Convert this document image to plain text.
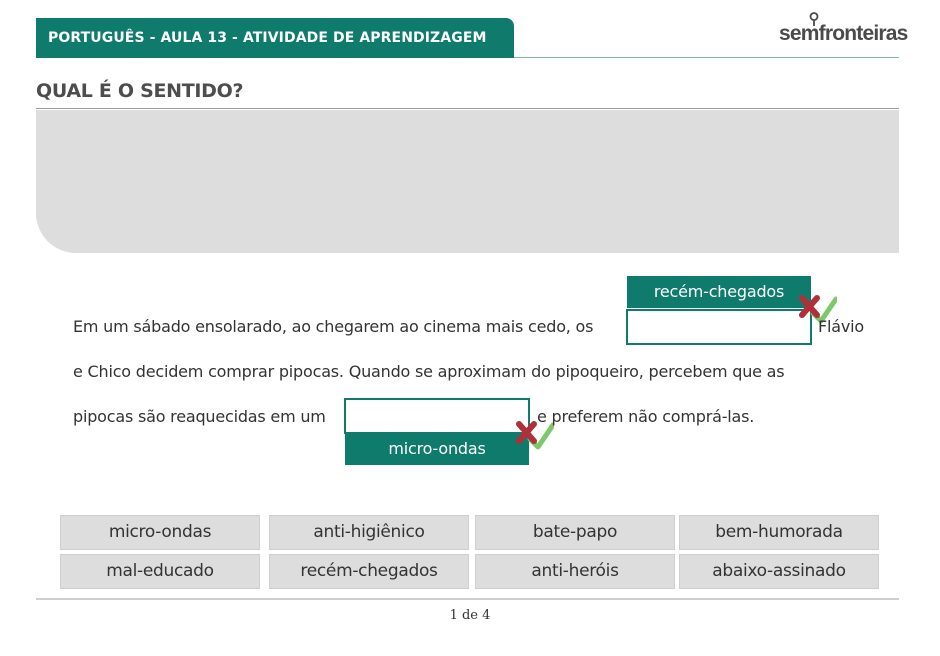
PORTUGUÊS - AULA 13 - ATIVIDADE DE APRENDIZAGEM	semfronteiras
QUAL É O SENTIDO?
Em um sábado ensolarado, ao chegarem ao cinema mais cedo, os
recém-chegados
Flávio
e Chico decidem comprar pipocas. Quando se aproximam do pipoqueiro, percebem que as
pipocas são reaquecidas em um
micro-ondas
e preferem não comprá-las.
micro-ondas	anti-higiênico	bate-papo	bem-humorada
mal-educado	recém-chegados	anti-heróis	abaixo-assinado
1 de 4
